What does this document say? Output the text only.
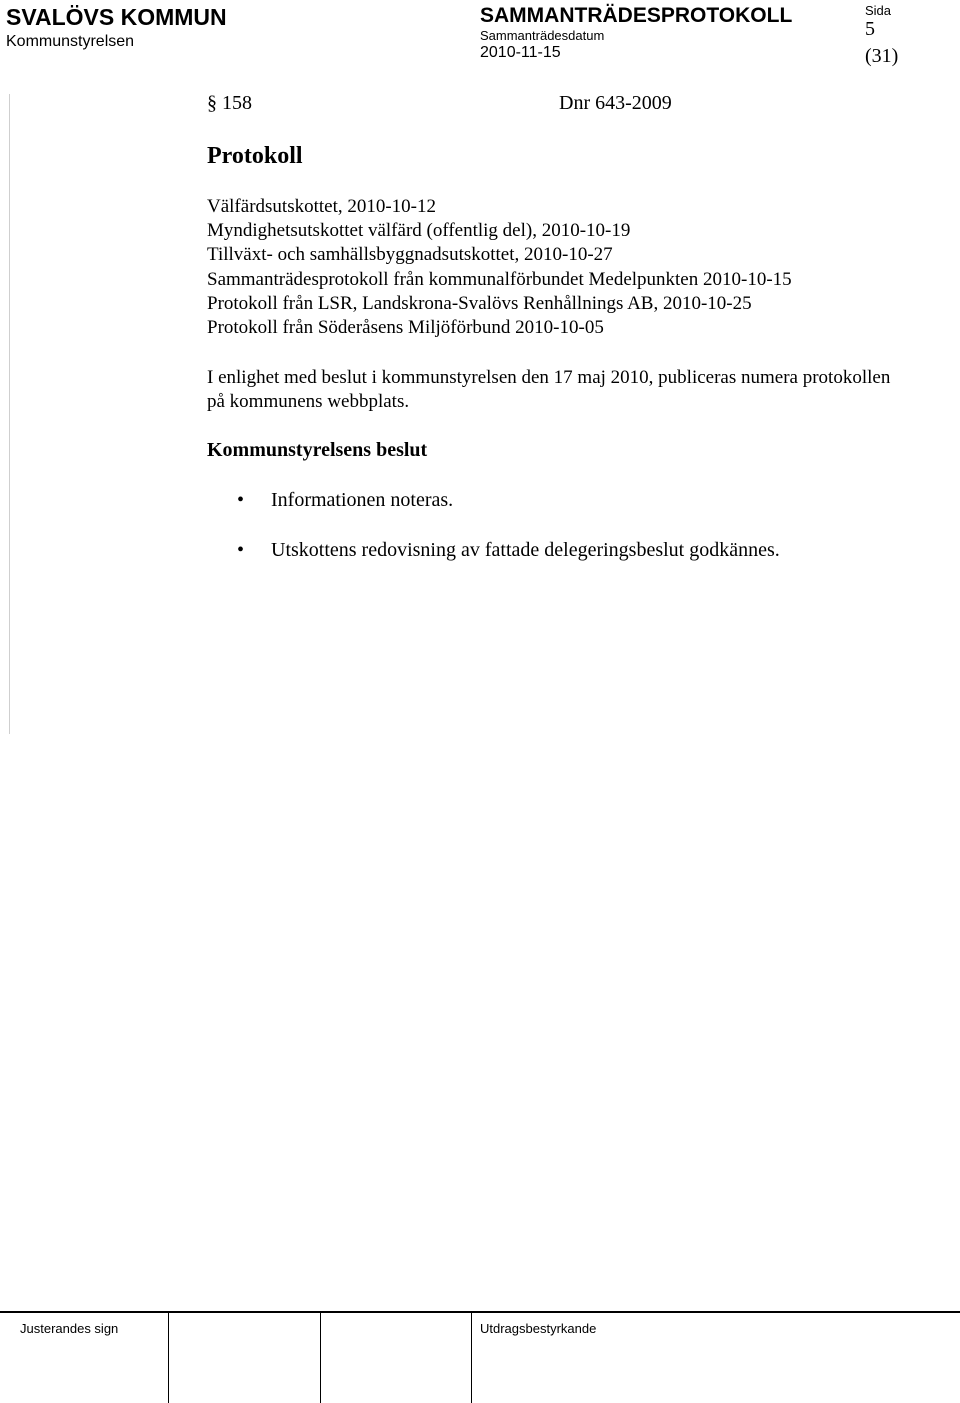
SVALÖVS KOMMUN
Kommunstyrelsen
SAMMANTRÄDESPROTOKOLL
Sammanträdesdatum
2010-11-15
Sida
5
(31)
§ 158	Dnr 643-2009
Protokoll
Välfärdsutskottet, 2010-10-12
Myndighetsutskottet välfärd (offentlig del), 2010-10-19
Tillväxt- och samhällsbyggnadsutskottet, 2010-10-27
Sammanträdesprotokoll från kommunalförbundet Medelpunkten 2010-10-15
Protokoll från LSR, Landskrona-Svalövs Renhållnings AB, 2010-10-25
Protokoll från Söderåsens Miljöförbund 2010-10-05
I enlighet med beslut i kommunstyrelsen den 17 maj 2010, publiceras numera protokollen på kommunens webbplats.
Kommunstyrelsens beslut
• Informationen noteras.
• Utskottens redovisning av fattade delegeringsbeslut godkännes.
Justerandes sign	Utdragsbestyrkande
